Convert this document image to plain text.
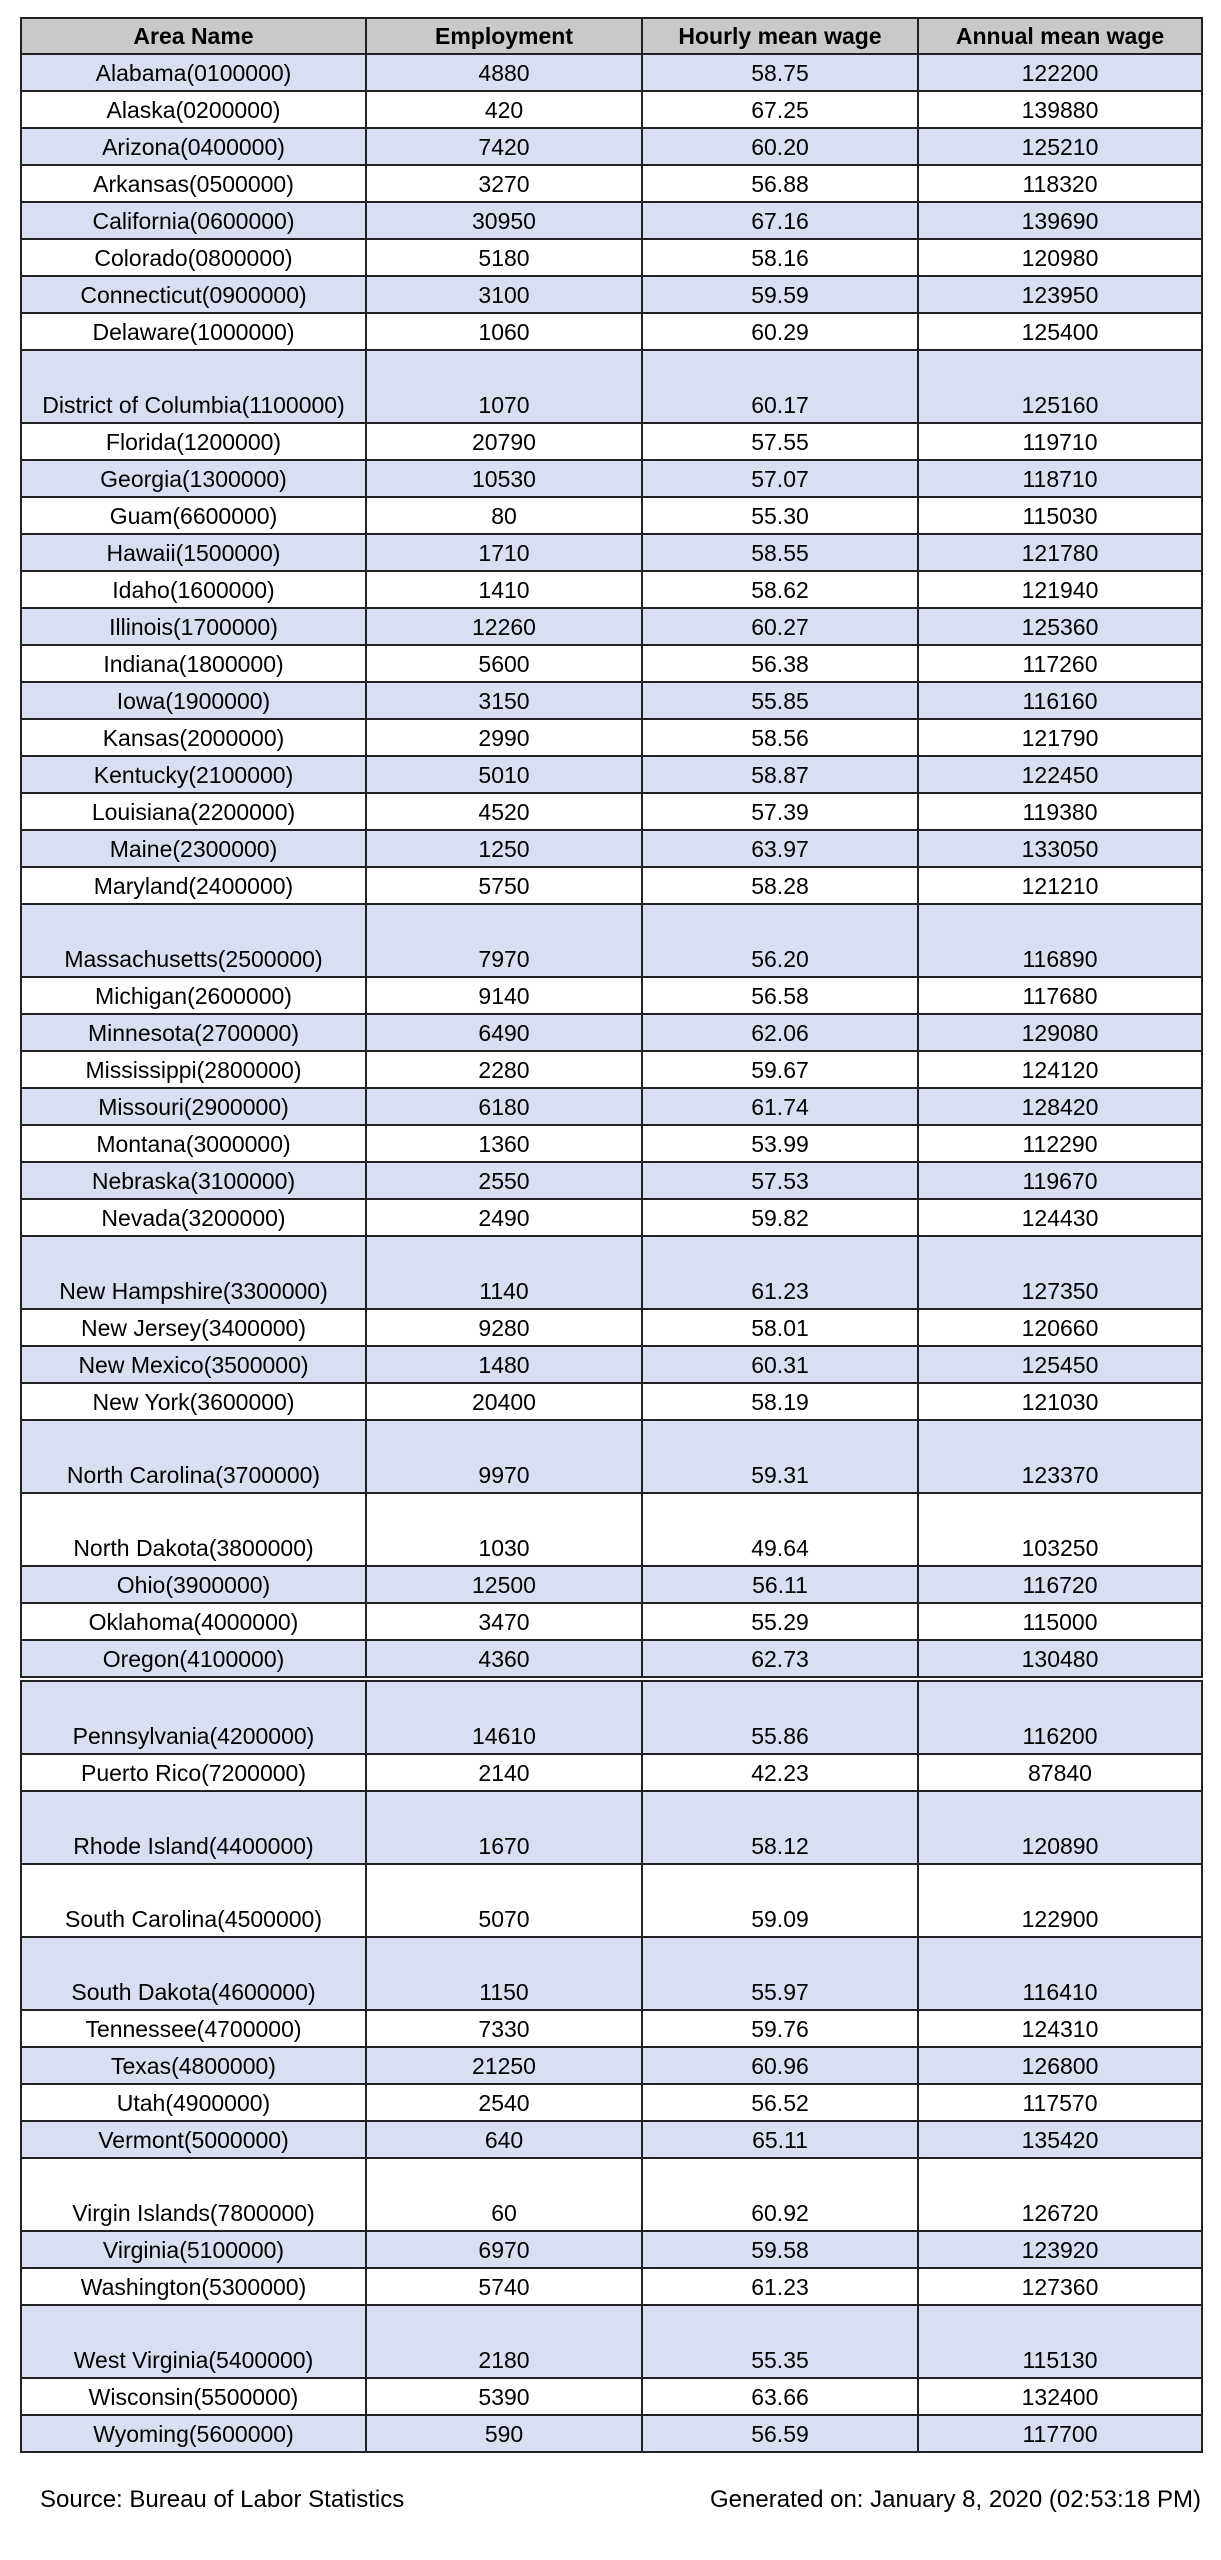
Area Name	Employment	Hourly mean wage	Annual mean wage
Alabama(0100000)	4880	58.75	122200
Alaska(0200000)	420	67.25	139880
Arizona(0400000)	7420	60.20	125210
Arkansas(0500000)	3270	56.88	118320
California(0600000)	30950	67.16	139690
Colorado(0800000)	5180	58.16	120980
Connecticut(0900000)	3100	59.59	123950
Delaware(1000000)	1060	60.29	125400
District of Columbia(1100000)	1070	60.17	125160
Florida(1200000)	20790	57.55	119710
Georgia(1300000)	10530	57.07	118710
Guam(6600000)	80	55.30	115030
Hawaii(1500000)	1710	58.55	121780
Idaho(1600000)	1410	58.62	121940
Illinois(1700000)	12260	60.27	125360
Indiana(1800000)	5600	56.38	117260
Iowa(1900000)	3150	55.85	116160
Kansas(2000000)	2990	58.56	121790
Kentucky(2100000)	5010	58.87	122450
Louisiana(2200000)	4520	57.39	119380
Maine(2300000)	1250	63.97	133050
Maryland(2400000)	5750	58.28	121210
Massachusetts(2500000)	7970	56.20	116890
Michigan(2600000)	9140	56.58	117680
Minnesota(2700000)	6490	62.06	129080
Mississippi(2800000)	2280	59.67	124120
Missouri(2900000)	6180	61.74	128420
Montana(3000000)	1360	53.99	112290
Nebraska(3100000)	2550	57.53	119670
Nevada(3200000)	2490	59.82	124430
New Hampshire(3300000)	1140	61.23	127350
New Jersey(3400000)	9280	58.01	120660
New Mexico(3500000)	1480	60.31	125450
New York(3600000)	20400	58.19	121030
North Carolina(3700000)	9970	59.31	123370
North Dakota(3800000)	1030	49.64	103250
Ohio(3900000)	12500	56.11	116720
Oklahoma(4000000)	3470	55.29	115000
Oregon(4100000)	4360	62.73	130480
Pennsylvania(4200000)	14610	55.86	116200
Puerto Rico(7200000)	2140	42.23	87840
Rhode Island(4400000)	1670	58.12	120890
South Carolina(4500000)	5070	59.09	122900
South Dakota(4600000)	1150	55.97	116410
Tennessee(4700000)	7330	59.76	124310
Texas(4800000)	21250	60.96	126800
Utah(4900000)	2540	56.52	117570
Vermont(5000000)	640	65.11	135420
Virgin Islands(7800000)	60	60.92	126720
Virginia(5100000)	6970	59.58	123920
Washington(5300000)	5740	61.23	127360
West Virginia(5400000)	2180	55.35	115130
Wisconsin(5500000)	5390	63.66	132400
Wyoming(5600000)	590	56.59	117700
Source: Bureau of Labor Statistics	Generated on: January 8, 2020 (02:53:18 PM)
